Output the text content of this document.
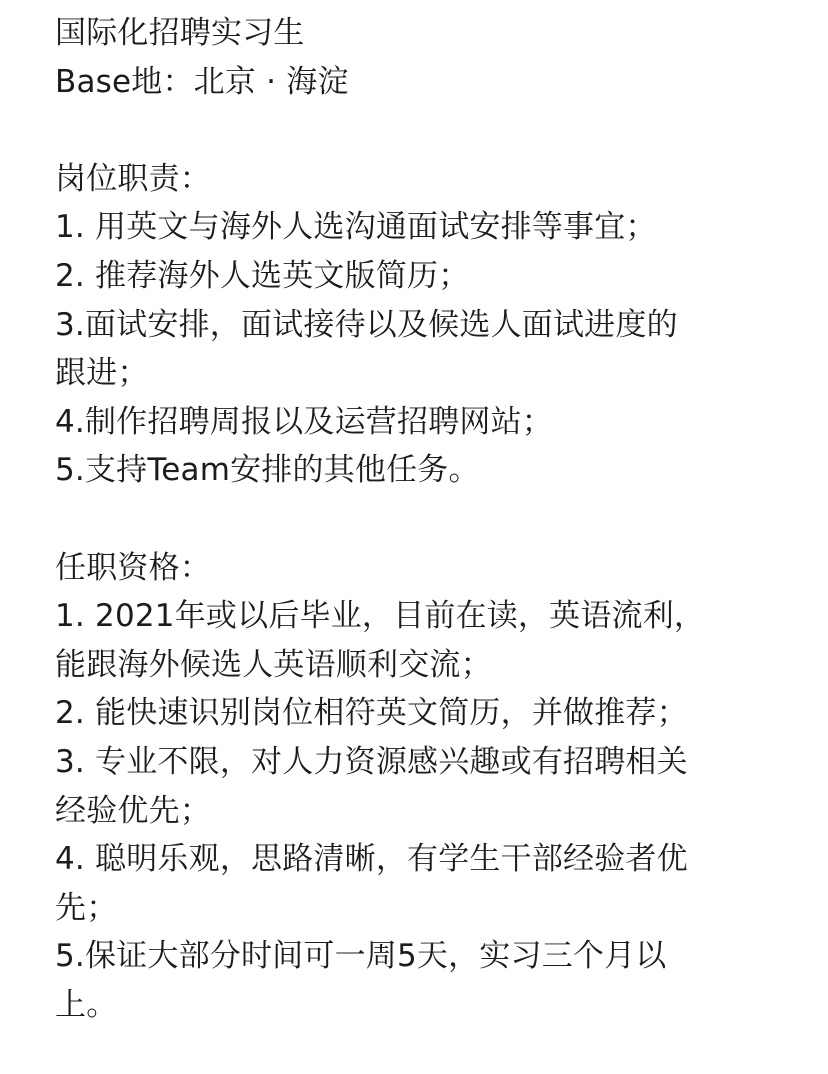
国际化招聘实习生
Base地：北京 · 海淀
岗位职责：
1. 用英文与海外人选沟通面试安排等事宜；
2. 推荐海外人选英文版简历；
3.面试安排，面试接待以及候选人面试进度的
跟进；
4.制作招聘周报以及运营招聘网站；
5.支持Team安排的其他任务。
任职资格：
1. 2021年或以后毕业，目前在读，英语流利，
能跟海外候选人英语顺利交流；
2. 能快速识别岗位相符英文简历，并做推荐；
3. 专业不限，对人力资源感兴趣或有招聘相关
经验优先；
4. 聪明乐观，思路清晰，有学生干部经验者优
先；
5.保证大部分时间可一周5天，实习三个月以
上。
